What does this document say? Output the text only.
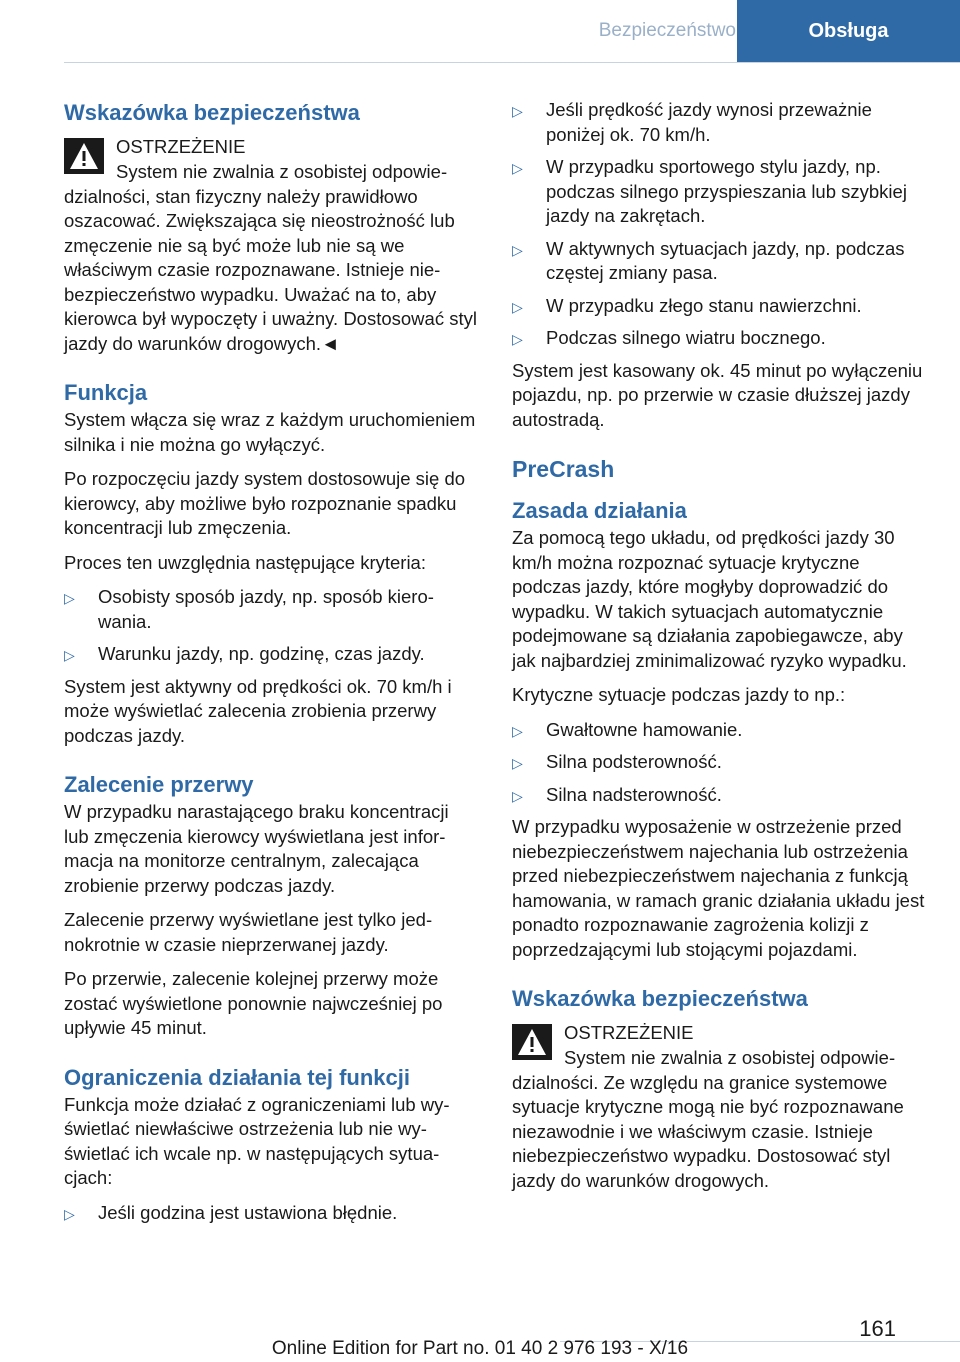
Bezpieczeństwo	Obsługa
Wskazówka bezpieczeństwa

OSTRZEŻENIE

System nie zwalnia z osobistej odpowiedzialności, stan fizyczny należy prawidłowo oszacować. Zwiększająca się nieostrożność lub zmęczenie nie są być może lub nie są we właściwym czasie rozpoznawane. Istnieje niebezpieczeństwo wypadku. Uważać na to, aby kierowca był wypoczęty i uważny. Dostosować styl jazdy do warunków drogowych.◄

Funkcja

System włącza się wraz z każdym uruchomieniem silnika i nie można go wyłączyć.

Po rozpoczęciu jazdy system dostosowuje się do kierowcy, aby możliwe było rozpoznanie spadku koncentracji lub zmęczenia.

Proces ten uwzględnia następujące kryteria:

▷ Osobisty sposób jazdy, np. sposób kierowania.
▷ Warunku jazdy, np. godzinę, czas jazdy.

System jest aktywny od prędkości ok. 70 km/h i może wyświetlać zalecenia zrobienia przerwy podczas jazdy.

Zalecenie przerwy

W przypadku narastającego braku koncentracji lub zmęczenia kierowcy wyświetlana jest informacja na monitorze centralnym, zalecająca zrobienie przerwy podczas jazdy.

Zalecenie przerwy wyświetlane jest tylko jednokrotnie w czasie nieprzerwanej jazdy.

Po przerwie, zalecenie kolejnej przerwy może zostać wyświetlone ponownie najwcześniej po upływie 45 minut.

Ograniczenia działania tej funkcji

Funkcja może działać z ograniczeniami lub wyświetlać niewłaściwe ostrzeżenia lub nie wyświetlać ich wcale np. w następujących sytuacjach:

▷ Jeśli godzina jest ustawiona błędnie.
▷ Jeśli prędkość jazdy wynosi przeważnie poniżej ok. 70 km/h.
▷ W przypadku sportowego stylu jazdy, np. podczas silnego przyspieszania lub szybkiej jazdy na zakrętach.
▷ W aktywnych sytuacjach jazdy, np. podczas częstej zmiany pasa.
▷ W przypadku złego stanu nawierzchni.
▷ Podczas silnego wiatru bocznego.

System jest kasowany ok. 45 minut po wyłączeniu pojazdu, np. po przerwie w czasie dłuższej jazdy autostradą.

PreCrash
Zasada działania

Za pomocą tego układu, od prędkości jazdy 30 km/h można rozpoznać sytuacje krytyczne podczas jazdy, które mogłyby doprowadzić do wypadku. W takich sytuacjach automatycznie podejmowane są działania zapobiegawcze, aby jak najbardziej zminimalizować ryzyko wypadku.

Krytyczne sytuacje podczas jazdy to np.:

▷ Gwałtowne hamowanie.
▷ Silna podsterowność.
▷ Silna nadsterowność.

W przypadku wyposażenie w ostrzeżenie przed niebezpieczeństwem najechania lub ostrzeżenia przed niebezpieczeństwem najechania z funkcją hamowania, w ramach granic działania układu jest ponadto rozpoznawanie zagrożenia kolizji z poprzedzającymi lub stojącymi pojazdami.

Wskazówka bezpieczeństwa

OSTRZEŻENIE

System nie zwalnia z osobistej odpowiedzialności. Ze względu na granice systemowe sytuacje krytyczne mogą nie być rozpoznawane niezawodnie i we właściwym czasie. Istnieje niebezpieczeństwo wypadku. Dostosować styl jazdy do warunków drogowych.

161
Online Edition for Part no. 01 40 2 976 193 - X/16
